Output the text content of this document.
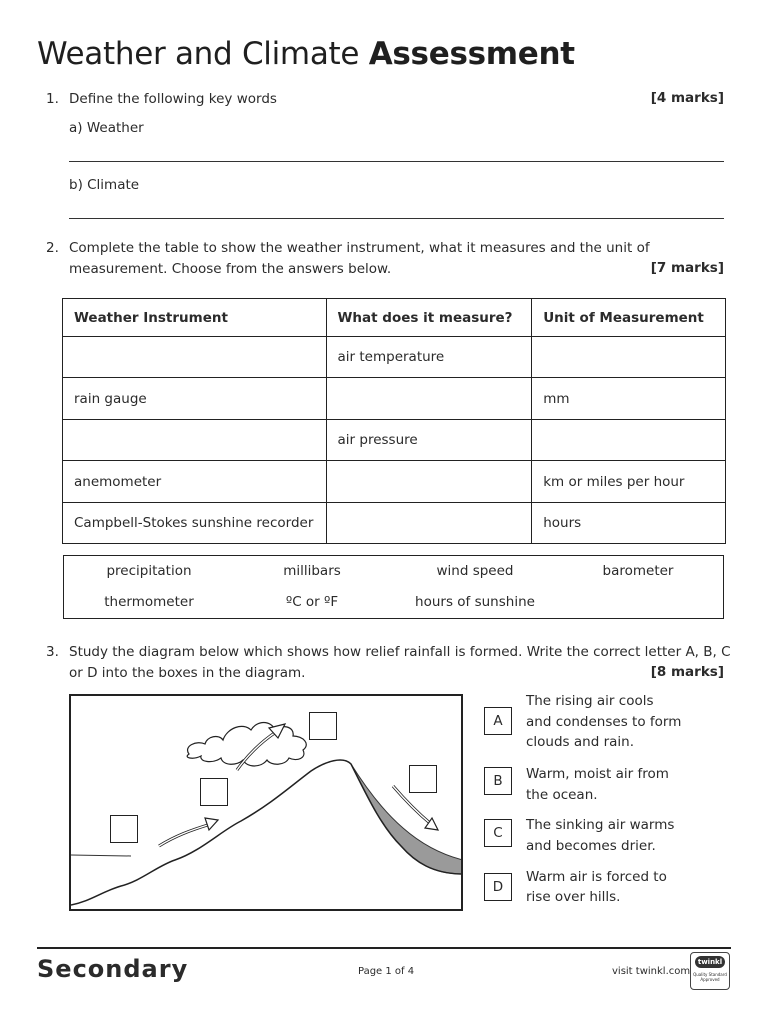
Weather and Climate Assessment
1. Define the following key words	[4 marks]
a) Weather
b) Climate
2. Complete the table to show the weather instrument, what it measures and the unit of
measurement. Choose from the answers below.	[7 marks]
Weather Instrument	What does it measure?	Unit of Measurement
	air temperature	
rain gauge		mm
	air pressure	
anemometer		km or miles per hour
Campbell-Stokes sunshine recorder		hours
precipitation	millibars	wind speed	barometer
thermometer	ºC or ºF	hours of sunshine
3. Study the diagram below which shows how relief rainfall is formed. Write the correct letter A, B, C
or D into the boxes in the diagram.	[8 marks]
A
The rising air cools
and condenses to form
clouds and rain.
B	Warm, moist air from
the ocean.
C	The sinking air warms
and becomes drier.
D
Warm air is forced to
rise over hills.
Secondary	Page 1 of 4	visit twinkl.com
twinkl
Quality Standard
Approved
